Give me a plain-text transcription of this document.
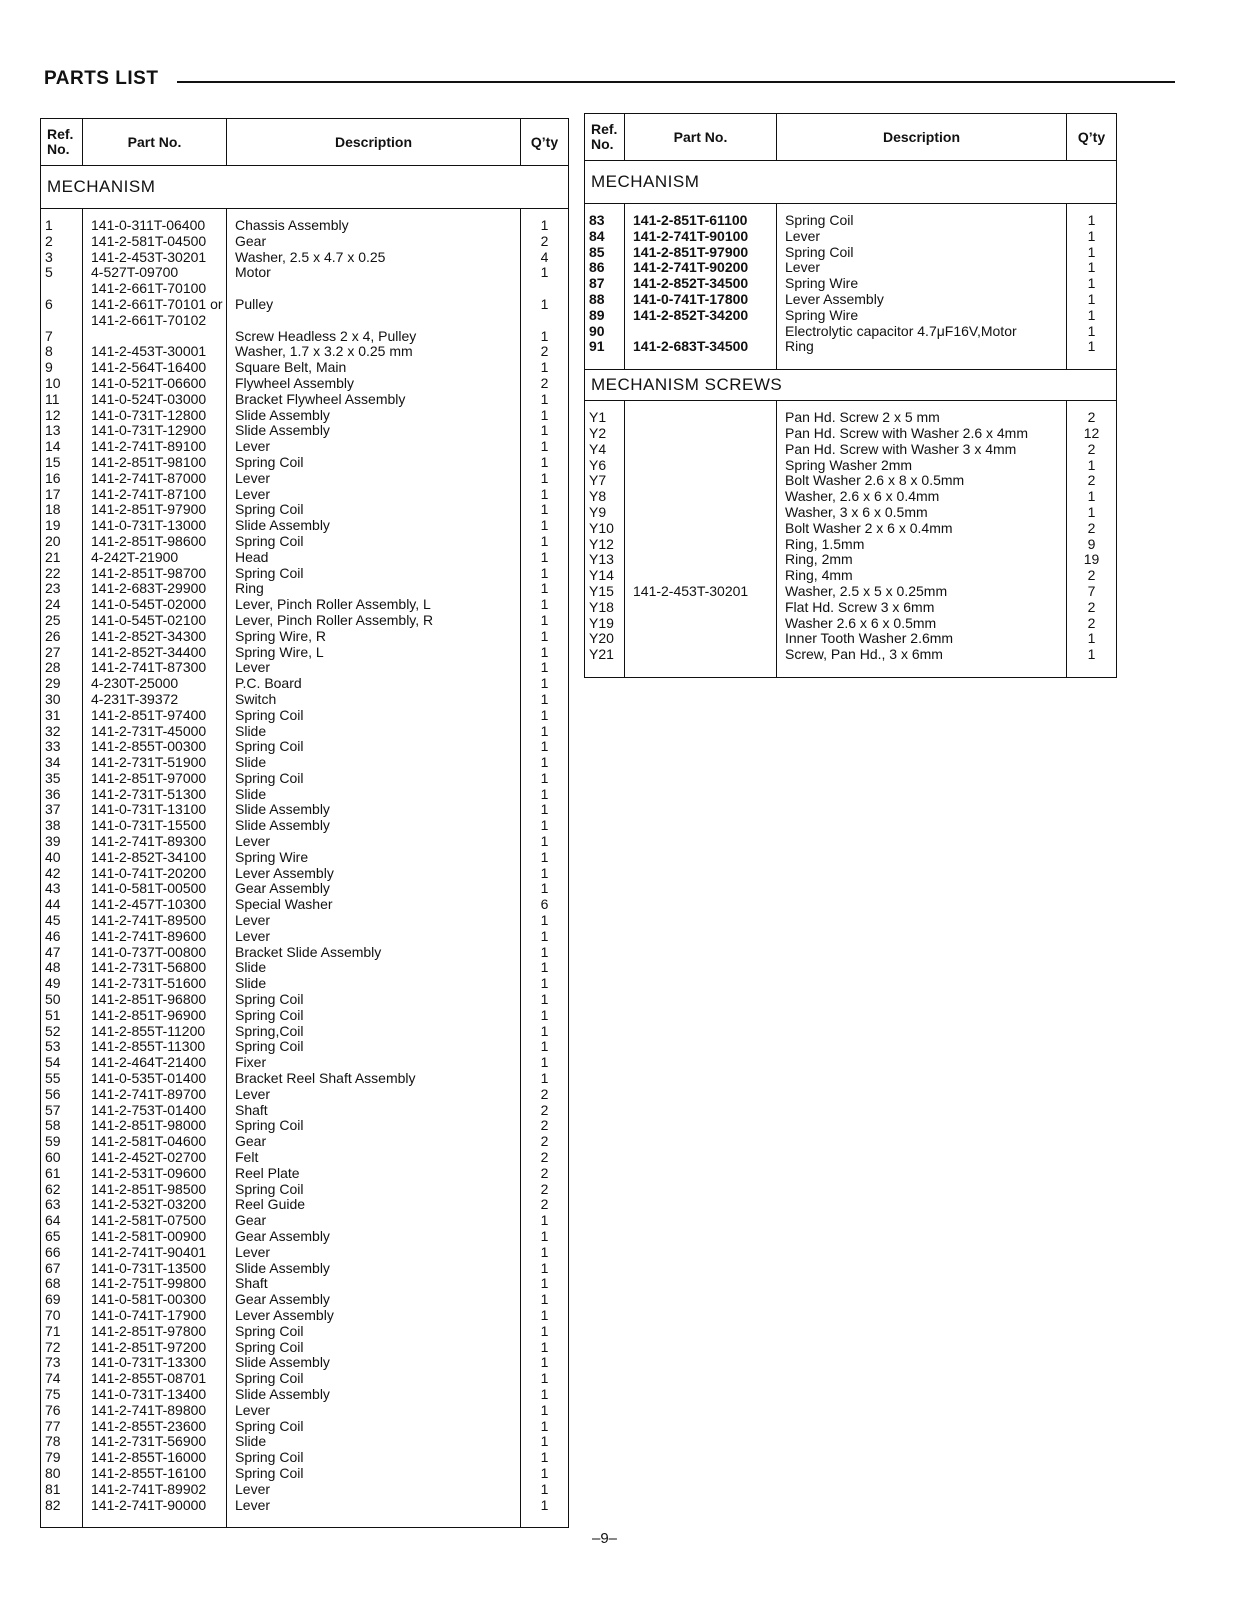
PARTS LIST
Ref. No.	Part No.	Description	Q’ty
MECHANISM			

1	141-0-311T-06400	Chassis Assembly	1
2	141-2-581T-04500	Gear	2
3	141-2-453T-30201	Washer, 2.5 x 4.7 x 0.25	4
5	4-527T-09700	Motor	1
	141-2-661T-70100		
6	141-2-661T-70101 or	Pulley	1
	141-2-661T-70102		
7		Screw Headless 2 x 4, Pulley	1
8	141-2-453T-30001	Washer, 1.7 x 3.2 x 0.25 mm	2
9	141-2-564T-16400	Square Belt, Main	1
10	141-0-521T-06600	Flywheel Assembly	2
11	141-0-524T-03000	Bracket Flywheel Assembly	1
12	141-0-731T-12800	Slide Assembly	1
13	141-0-731T-12900	Slide Assembly	1
14	141-2-741T-89100	Lever	1
15	141-2-851T-98100	Spring Coil	1
16	141-2-741T-87000	Lever	1
17	141-2-741T-87100	Lever	1
18	141-2-851T-97900	Spring Coil	1
19	141-0-731T-13000	Slide Assembly	1
20	141-2-851T-98600	Spring Coil	1
21	4-242T-21900	Head	1
22	141-2-851T-98700	Spring Coil	1
23	141-2-683T-29900	Ring	1
24	141-0-545T-02000	Lever, Pinch Roller Assembly, L	1
25	141-0-545T-02100	Lever, Pinch Roller Assembly, R	1
26	141-2-852T-34300	Spring Wire, R	1
27	141-2-852T-34400	Spring Wire, L	1
28	141-2-741T-87300	Lever	1
29	4-230T-25000	P.C. Board	1
30	4-231T-39372	Switch	1
31	141-2-851T-97400	Spring Coil	1
32	141-2-731T-45000	Slide	1
33	141-2-855T-00300	Spring Coil	1
34	141-2-731T-51900	Slide	1
35	141-2-851T-97000	Spring Coil	1
36	141-2-731T-51300	Slide	1
37	141-0-731T-13100	Slide Assembly	1
38	141-0-731T-15500	Slide Assembly	1
39	141-2-741T-89300	Lever	1
40	141-2-852T-34100	Spring Wire	1
42	141-0-741T-20200	Lever Assembly	1
43	141-0-581T-00500	Gear Assembly	1
44	141-2-457T-10300	Special Washer	6
45	141-2-741T-89500	Lever	1
46	141-2-741T-89600	Lever	1
47	141-0-737T-00800	Bracket Slide Assembly	1
48	141-2-731T-56800	Slide	1
49	141-2-731T-51600	Slide	1
50	141-2-851T-96800	Spring Coil	1
51	141-2-851T-96900	Spring Coil	1
52	141-2-855T-11200	Spring,Coil	1
53	141-2-855T-11300	Spring Coil	1
54	141-2-464T-21400	Fixer	1
55	141-0-535T-01400	Bracket Reel Shaft Assembly	1
56	141-2-741T-89700	Lever	2
57	141-2-753T-01400	Shaft	2
58	141-2-851T-98000	Spring Coil	2
59	141-2-581T-04600	Gear	2
60	141-2-452T-02700	Felt	2
61	141-2-531T-09600	Reel Plate	2
62	141-2-851T-98500	Spring Coil	2
63	141-2-532T-03200	Reel Guide	2
64	141-2-581T-07500	Gear	1
65	141-2-581T-00900	Gear Assembly	1
66	141-2-741T-90401	Lever	1
67	141-0-731T-13500	Slide Assembly	1
68	141-2-751T-99800	Shaft	1
69	141-0-581T-00300	Gear Assembly	1
70	141-0-741T-17900	Lever Assembly	1
71	141-2-851T-97800	Spring Coil	1
72	141-2-851T-97200	Spring Coil	1
73	141-0-731T-13300	Slide Assembly	1
74	141-2-855T-08701	Spring Coil	1
75	141-0-731T-13400	Slide Assembly	1
76	141-2-741T-89800	Lever	1
77	141-2-855T-23600	Spring Coil	1
78	141-2-731T-56900	Slide	1
79	141-2-855T-16000	Spring Coil	1
80	141-2-855T-16100	Spring Coil	1
81	141-2-741T-89902	Lever	1
82	141-2-741T-90000	Lever	1

Ref. No.	Part No.	Description	Q’ty
MECHANISM			

83	141-2-851T-61100	Spring Coil	1
84	141-2-741T-90100	Lever	1
85	141-2-851T-97900	Spring Coil	1
86	141-2-741T-90200	Lever	1
87	141-2-852T-34500	Spring Wire	1
88	141-0-741T-17800	Lever Assembly	1
89	141-2-852T-34200	Spring Wire	1
90		Electrolytic capacitor 4.7μF16V,Motor	1
91	141-2-683T-34500	Ring	1

MECHANISM SCREWS			

Y1		Pan Hd. Screw 2 x 5 mm	2
Y2		Pan Hd. Screw with Washer 2.6 x 4mm	12
Y4		Pan Hd. Screw with Washer 3 x 4mm	2
Y6		Spring Washer 2mm	1
Y7		Bolt Washer 2.6 x 8 x 0.5mm	2
Y8		Washer, 2.6 x 6 x 0.4mm	1
Y9		Washer, 3 x 6 x 0.5mm	1
Y10		Bolt Washer 2 x 6 x 0.4mm	2
Y12		Ring, 1.5mm	9
Y13		Ring, 2mm	19
Y14		Ring, 4mm	2
Y15	141-2-453T-30201	Washer, 2.5 x 5 x 0.25mm	7
Y18		Flat Hd. Screw 3 x 6mm	2
Y19		Washer 2.6 x 6 x 0.5mm	2
Y20		Inner Tooth Washer 2.6mm	1
Y21		Screw, Pan Hd., 3 x 6mm	1

–9–
